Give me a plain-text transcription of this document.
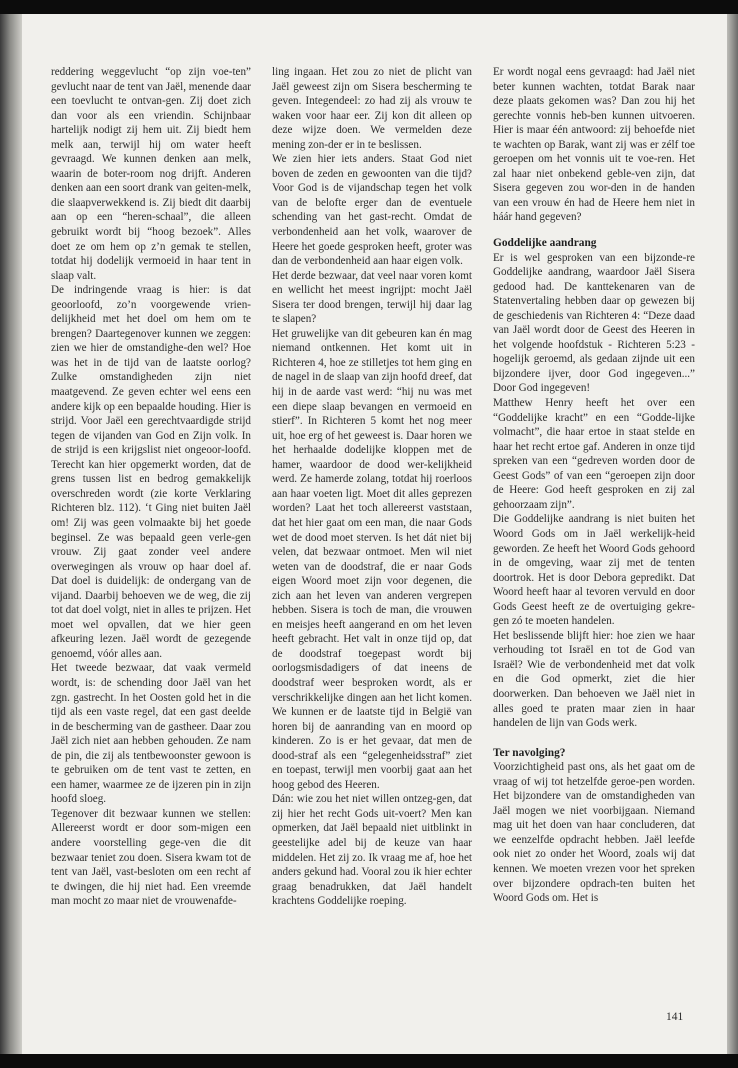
reddering weggevlucht “op zijn voe-ten” gevlucht naar de tent van Jaël, menende daar een toevlucht te ontvan-gen. Zij doet zich dan voor als een vriendin. Schijnbaar hartelijk nodigt zij hem uit. Zij biedt hem melk aan, terwijl hij om water heeft gevraagd. We kunnen denken aan melk, waarin de boter-room nog drijft. Anderen denken aan een soort drank van geiten-melk, die slaapverwekkend is. Zij biedt dit daarbij aan op een “heren-schaal”, die alleen gebruikt wordt bij “hoog bezoek”. Alles doet ze om hem op z’n gemak te stellen, totdat hij dodelijk vermoeid in haar tent in slaap valt.

De indringende vraag is hier: is dat geoorloofd, zo’n voorgewende vrien-delijkheid met het doel om hem om te brengen? Daartegenover kunnen we zeggen: zien we hier de omstandighe-den wel? Hoe was het in de tijd van de laatste oorlog? Zulke omstandigheden zijn niet maatgevend. Ze geven echter wel eens een andere kijk op een bepaalde houding. Hier is strijd. Voor Jaël een gerechtvaardigde strijd tegen de vijanden van God en Zijn volk. In de strijd is een krijgslist niet ongeoor-loofd. Terecht kan hier opgemerkt worden, dat de grens tussen list en bedrog gemakkelijk overschreden wordt (zie korte Verklaring Richteren blz. 112). ‘t Ging niet buiten Jaël om! Zij was geen volmaakte bij het goede beginsel. Ze was bepaald geen verle-gen vrouw. Zij gaat zonder veel andere overwegingen als vrouw op haar doel af. Dat doel is duidelijk: de ondergang van de vijand. Daarbij behoeven we de weg, die zij tot dat doel volgt, niet in alles te prijzen. Het moet wel opvallen, dat we hier geen afkeuring lezen. Jaël wordt de gezegende genoemd, vóór alles aan.

Het tweede bezwaar, dat vaak vermeld wordt, is: de schending door Jaël van het zgn. gastrecht. In het Oosten gold het in die tijd als een vaste regel, dat een gast deelde in de bescherming van de gastheer. Daar zou Jaël zich niet aan hebben gehouden. Ze nam de pin, die zij als tentbewoonster gewoon is te gebruiken om de tent vast te zetten, en een hamer, waarmee ze de ijzeren pin in zijn hoofd sloeg.

Tegenover dit bezwaar kunnen we stellen: Allereerst wordt er door som-migen een andere voorstelling gege-ven die dit bezwaar teniet zou doen. Sisera kwam tot de tent van Jaël, vast-besloten om een recht af te dwingen, die hij niet had. Een vreemde man mocht zo maar niet de vrouwenafde-

ling ingaan. Het zou zo niet de plicht van Jaël geweest zijn om Sisera bescherming te geven. Integendeel: zo had zij als vrouw te waken voor haar eer. Zij kon dit alleen op deze wijze doen. We vermelden deze mening zon-der er in te beslissen.

We zien hier iets anders. Staat God niet boven de zeden en gewoonten van die tijd? Voor God is de vijandschap tegen het volk van de belofte erger dan de eventuele schending van het gast-recht. Omdat de verbondenheid aan het volk, waarover de Heere het goede gesproken heeft, groter was dan de verbondenheid aan haar eigen volk.

Het derde bezwaar, dat veel naar voren komt en wellicht het meest ingrijpt: mocht Jaël Sisera ter dood brengen, terwijl hij daar lag te slapen?

Het gruwelijke van dit gebeuren kan én mag niemand ontkennen. Het komt uit in Richteren 4, hoe ze stilletjes tot hem ging en de nagel in de slaap van zijn hoofd dreef, dat hij in de aarde vast werd: “hij nu was met een diepe slaap bevangen en vermoeid en stierf”. In Richteren 5 komt het nog meer uit, hoe erg of het geweest is. Daar horen we het herhaalde dodelijke kloppen met de hamer, waardoor de dood wer-kelijkheid werd. Ze hamerde zolang, totdat hij roerloos aan haar voeten ligt. Moet dit alles geprezen worden? Laat het toch allereerst vaststaan, dat het hier gaat om een man, die naar Gods wet de dood moet sterven. Is het dát niet bij velen, dat bezwaar ontmoet. Men wil niet weten van de doodstraf, die er naar Gods eigen Woord moet zijn voor degenen, die zich aan het leven van anderen vergrepen hebben. Sisera is toch de man, die vrouwen en meisjes heeft aangerand en om het leven heeft gebracht. Het valt in onze tijd op, dat de doodstraf toegepast wordt bij oorlogsmisdadigers of dat ineens de doodstraf weer besproken wordt, als er verschrikkelijke dingen aan het licht komen. We kunnen er de laatste tijd in België van horen bij de aanranding van en moord op kinderen. Zo is er het gevaar, dat men de dood-straf als een “gelegenheidsstraf” ziet en toepast, terwijl men voorbij gaat aan het hoog gebod des Heeren.

Dán: wie zou het niet willen ontzeg-gen, dat zij hier het recht Gods uit-voert? Men kan opmerken, dat Jaël bepaald niet uitblinkt in geestelijke adel bij de keuze van haar middelen. Het zij zo. Ik vraag me af, hoe het anders gekund had. Vooral zou ik hier echter graag benadrukken, dat Jaël handelt krachtens Goddelijke roeping.

Er wordt nogal eens gevraagd: had Jaël niet beter kunnen wachten, totdat Barak naar deze plaats gekomen was? Dan zou hij het gerechte vonnis heb-ben kunnen uitvoeren. Hier is maar één antwoord: zij behoefde niet te wachten op Barak, want zij was er zélf toe geroepen om het vonnis uit te voe-ren. Het zal haar niet onbekend geble-ven zijn, dat Sisera gegeven zou wor-den in de handen van een vrouw én had de Heere hem niet in háár hand gegeven?

Goddelijke aandrang

Er is wel gesproken van een bijzonde-re Goddelijke aandrang, waardoor Jaël Sisera gedood had. De kanttekenaren van de Statenvertaling hebben daar op gewezen bij de geschiedenis van Richteren 4: “Deze daad van Jaël wordt door de Geest des Heeren in het volgende hoofdstuk - Richteren 5:23 - hogelijk geroemd, als gedaan zijnde uit een bijzondere ijver, door God ingegeven...” Door God ingegeven!

Matthew Henry heeft het over een “Goddelijke kracht” en een “Godde-lijke volmacht”, die haar ertoe in staat stelde en haar het recht ertoe gaf. Anderen in onze tijd spreken van een “gedreven worden door de Geest Gods” of van een “geroepen zijn door de Heere: God heeft gesproken en zij zal gehoorzaam zijn”.

Die Goddelijke aandrang is niet buiten het Woord Gods om in Jaël werkelijk-heid geworden. Ze heeft het Woord Gods gehoord in de omgeving, waar zij met de tenten doortrok. Het is door Debora gepredikt. Dat Woord heeft haar al tevoren vervuld en door Gods Geest heeft ze de overtuiging gekre-gen zó te moeten handelen.

Het beslissende blijft hier: hoe zien we haar verhouding tot Israël en tot de God van Israël? Wie de verbondenheid met dat volk en die God opmerkt, ziet die hier doorwerken. Dan behoeven we Jaël niet in alles goed te praten maar zien in haar handelen de lijn van Gods werk.

Ter navolging?

Voorzichtigheid past ons, als het gaat om de vraag of wij tot hetzelfde geroe-pen worden. Het bijzondere van de omstandigheden van Jaël mogen we niet voorbijgaan. Niemand mag uit het doen van haar concluderen, dat we eenzelfde opdracht hebben. Jaël leefde ook niet zo onder het Woord, zoals wij dat kennen. We moeten vrezen voor het spreken over bijzondere opdrach-ten buiten het Woord Gods om. Het is

141
